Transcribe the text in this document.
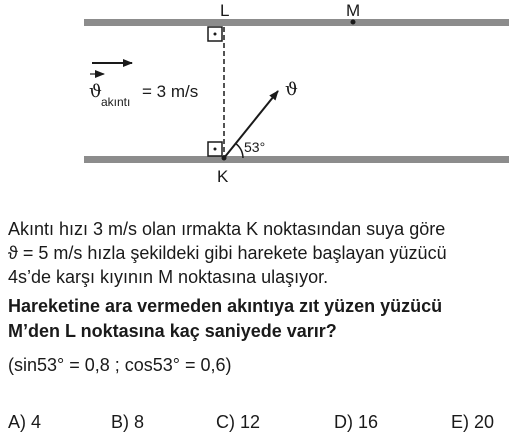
L	M
K
ϑ akıntı
= 3 m/s	ϑ
53°
Akıntı hızı 3 m/s olan ırmakta K noktasından suya göre
ϑ = 5 m/s hızla şekildeki gibi harekete başlayan yüzücü
4s’de karşı kıyının M noktasına ulaşıyor.
Hareketine ara vermeden akıntıya zıt yüzen yüzücü
M’den L noktasına kaç saniyede varır?
(sin53° = 0,8 ; cos53° = 0,6)
A) 4	B) 8	C) 12	D) 16	E) 20
